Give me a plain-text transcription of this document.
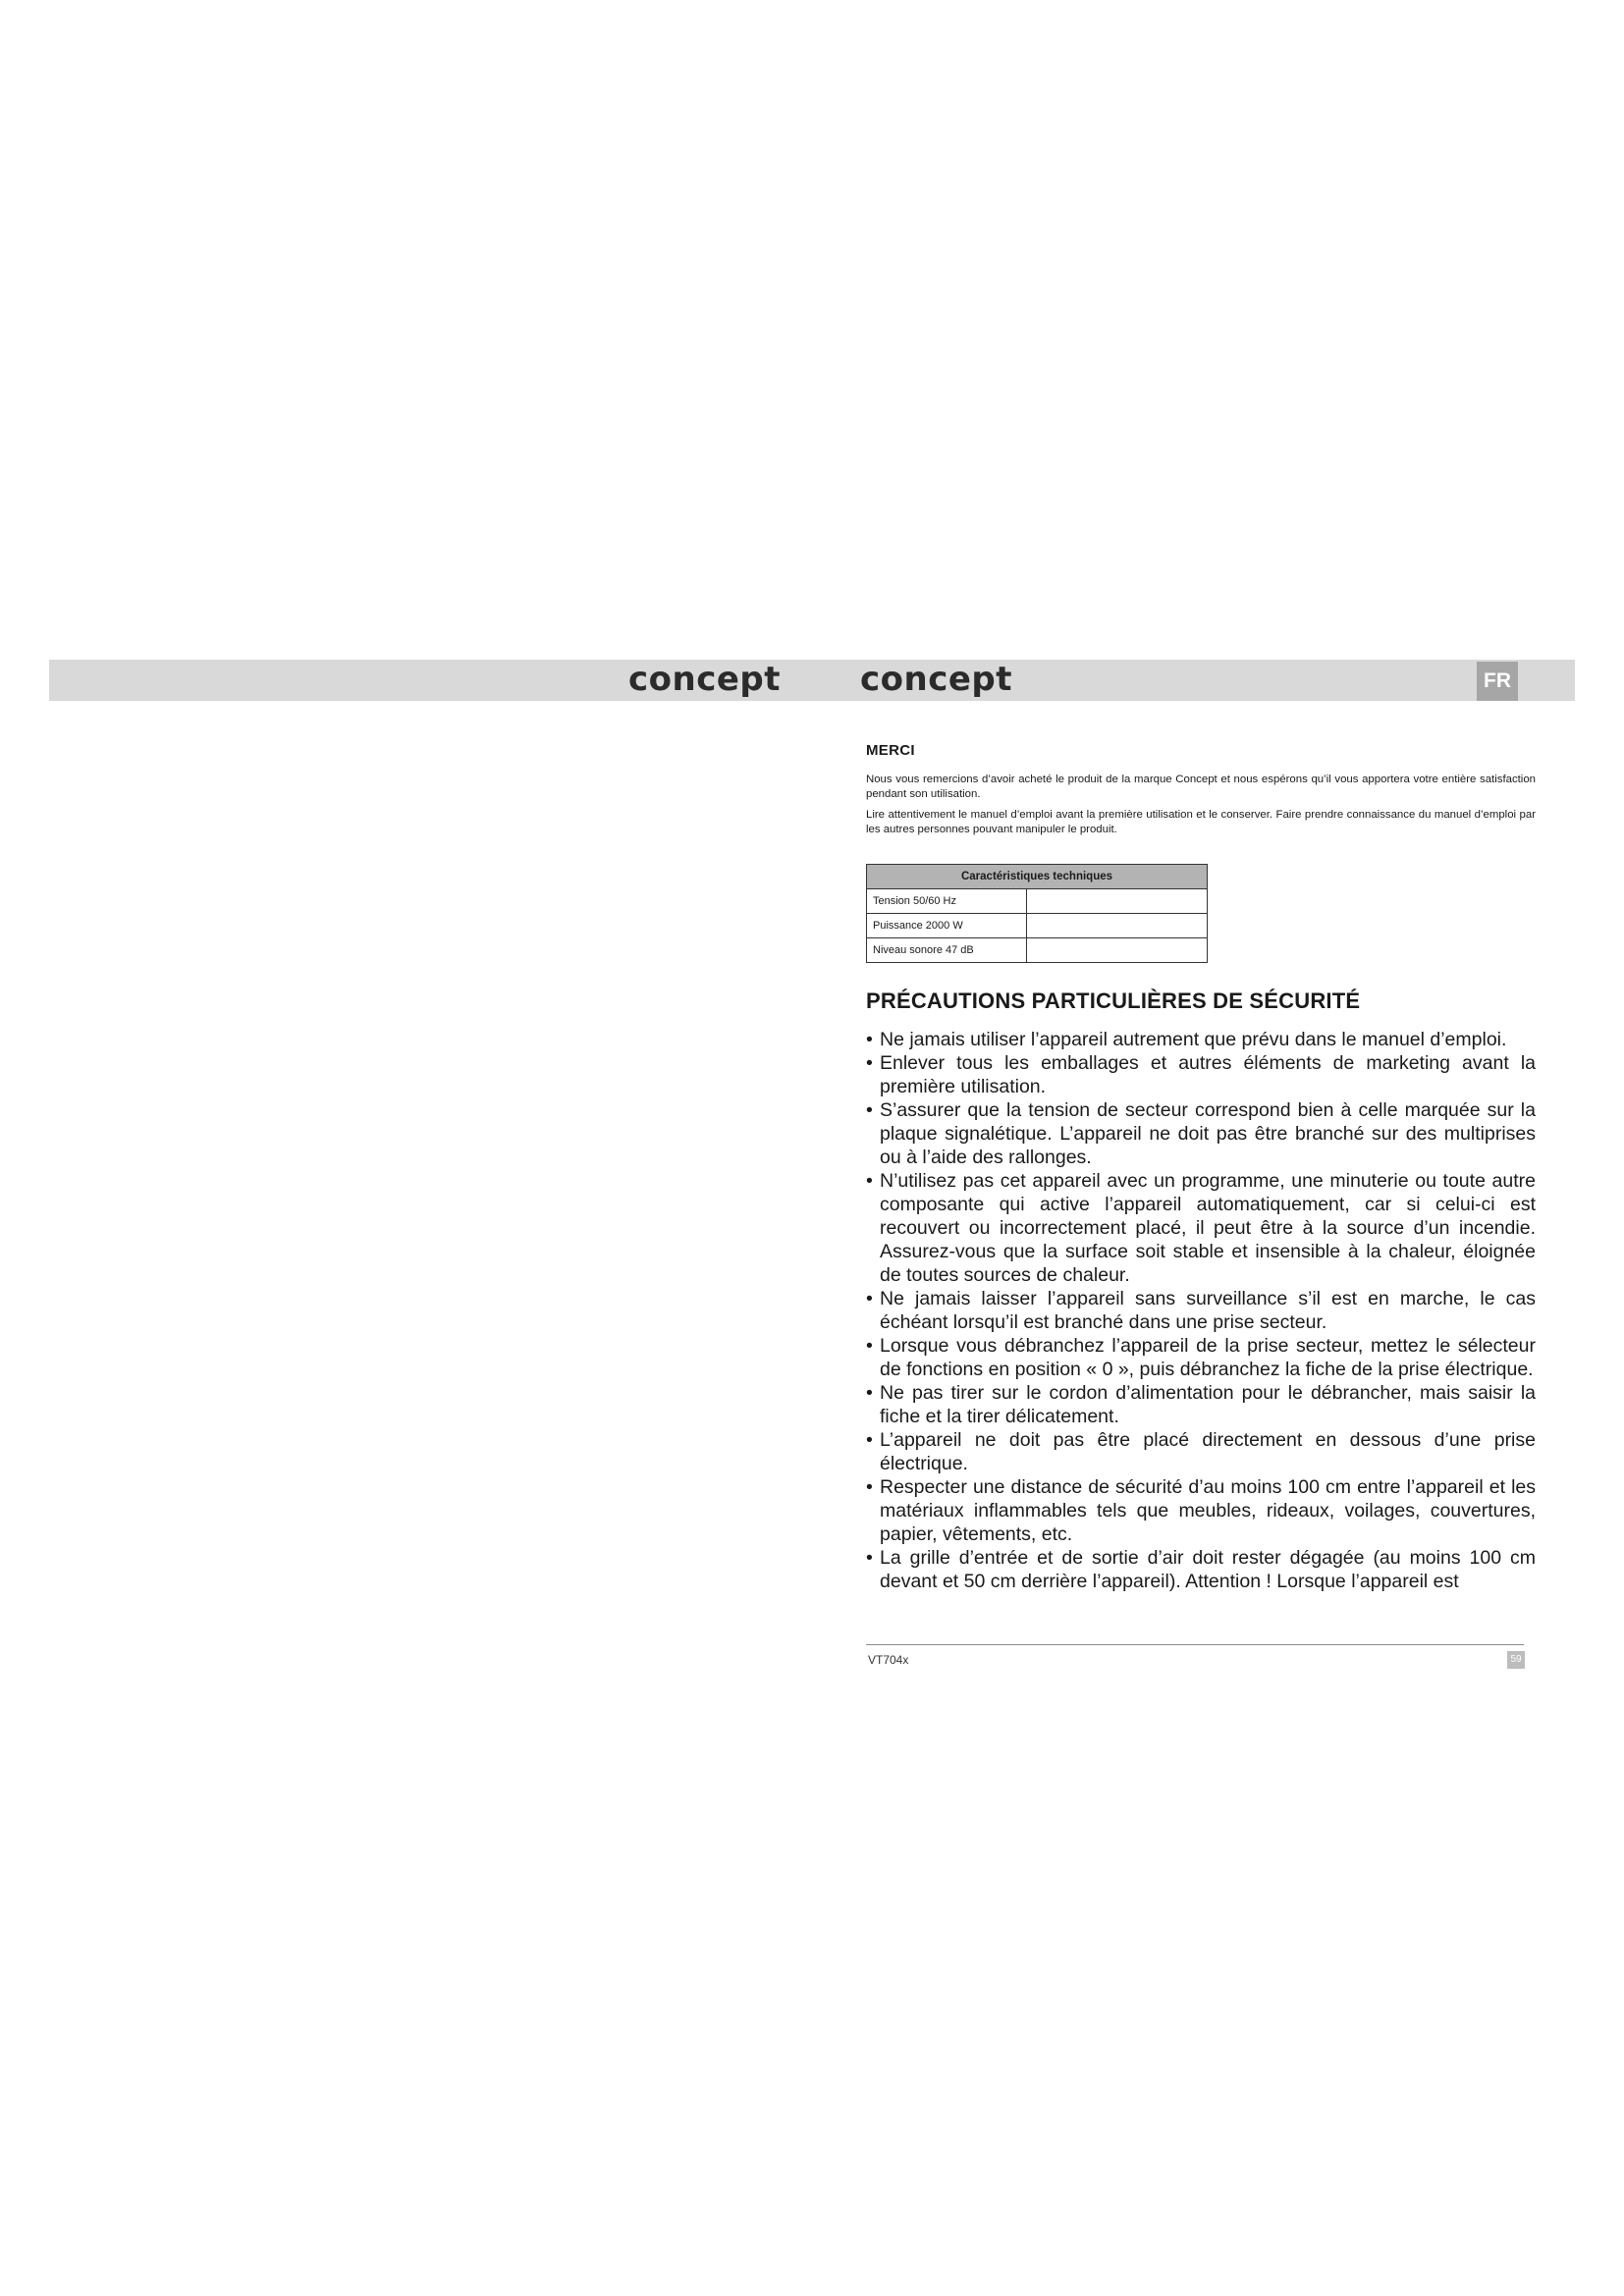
concept concept	FR
MERCI

Nous vous remercions d’avoir acheté le produit de la marque Concept et nous espérons qu’il vous apportera votre entière satisfaction pendant son utilisation.

Lire attentivement le manuel d’emploi avant la première utilisation et le conserver. Faire prendre connaissance du manuel d’emploi par les autres personnes pouvant manipuler le produit.

Caractéristiques techniques	
Tension 50/60 Hz	
Puissance 2000 W	
Niveau sonore 47 dB	
PRÉCAUTIONS PARTICULIÈRES DE SÉCURITÉ
• Ne jamais utiliser l’appareil autrement que prévu dans le manuel d’emploi.
• Enlever tous les emballages et autres éléments de marketing avant la première utilisation.
• S’assurer que la tension de secteur correspond bien à celle marquée sur la plaque signalétique. L’appareil ne doit pas être branché sur des multiprises ou à l’aide des rallonges.
• N’utilisez pas cet appareil avec un programme, une minuterie ou toute autre composante qui active l’appareil automatiquement, car si celui-ci est recouvert ou incorrectement placé, il peut être à la source d’un incendie. Assurez-vous que la surface soit stable et insensible à la chaleur, éloignée de toutes sources de chaleur.
• Ne jamais laisser l’appareil sans surveillance s’il est en marche, le cas échéant lorsqu’il est branché dans une prise secteur.
• Lorsque vous débranchez l’appareil de la prise secteur, mettez le sélecteur de fonctions en position « 0 », puis débranchez la fiche de la prise électrique.
• Ne pas tirer sur le cordon d’alimentation pour le débrancher, mais saisir la fiche et la tirer délicatement.
• L’appareil ne doit pas être placé directement en dessous d’une prise électrique.
• Respecter une distance de sécurité d’au moins 100 cm entre l’appareil et les matériaux inflammables tels que meubles, rideaux, voilages, couvertures, papier, vêtements, etc.
• La grille d’entrée et de sortie d’air doit rester dégagée (au moins 100 cm devant et 50 cm derrière l’appareil). Attention ! Lorsque l’appareil est
VT704x	59
